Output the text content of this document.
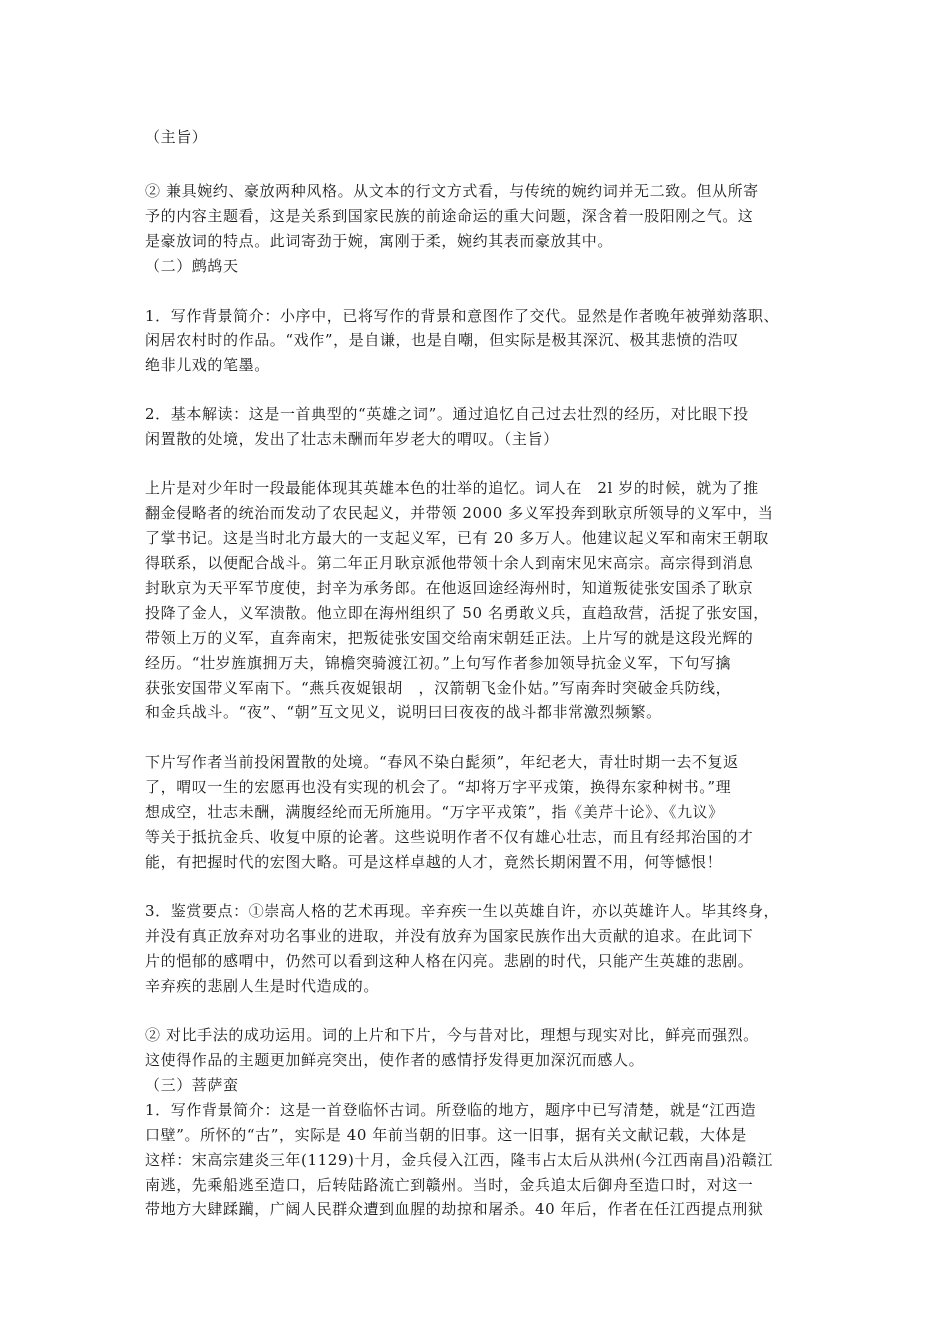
（主旨）
② 兼具婉约、豪放两种风格。从文本的行文方式看，与传统的婉约词并无二致。但从所寄
予的内容主题看，这是关系到国家民族的前途命运的重大问题，深含着一股阳刚之气。这
是豪放词的特点。此词寄劲于婉，寓刚于柔，婉约其表而豪放其中。
（二）鹧鸪天
1．写作背景简介：小序中，已将写作的背景和意图作了交代。显然是作者晚年被弹劾落职、
闲居农村时的作品。“戏作”，是自谦，也是自嘲，但实际是极其深沉、极其悲愤的浩叹
绝非儿戏的笔墨。
2．基本解读：这是一首典型的“英雄之词”。通过追忆自己过去壮烈的经历，对比眼下投
闲置散的处境，发出了壮志未酬而年岁老大的喟叹。（主旨）
上片是对少年时一段最能体现其英雄本色的壮举的追忆。词人在　2l 岁的时候，就为了推
翻金侵略者的统治而发动了农民起义，并带领 2000 多义军投奔到耿京所领导的义军中，当
了掌书记。这是当时北方最大的一支起义军，已有 20 多万人。他建议起义军和南宋王朝取
得联系，以便配合战斗。第二年正月耿京派他带领十余人到南宋见宋高宗。高宗得到消息
封耿京为天平军节度使，封辛为承务郎。在他返回途经海州时，知道叛徒张安国杀了耿京
投降了金人，义军溃散。他立即在海州组织了 50 名勇敢义兵，直趋敌营，活捉了张安国，
带领上万的义军，直奔南宋，把叛徒张安国交给南宋朝廷正法。上片写的就是这段光辉的
经历。“壮岁旌旗拥万夫，锦檐突骑渡江初。”上句写作者参加领导抗金义军，下句写擒
获张安国带义军南下。“燕兵夜娖银胡　，汉箭朝飞金仆姑。”写南奔时突破金兵防线，
和金兵战斗。“夜”、“朝”互文见义，说明曰曰夜夜的战斗都非常激烈频繁。
下片写作者当前投闲置散的处境。“春风不染白髭须”，年纪老大，青壮时期一去不复返
了，喟叹一生的宏愿再也没有实现的机会了。“却将万字平戎策，换得东家种树书。”理
想成空，壮志未酬，满腹经纶而无所施用。“万字平戎策”，指《美芹十论》、《九议》
等关于抵抗金兵、收复中原的论著。这些说明作者不仅有雄心壮志，而且有经邦治国的才
能，有把握时代的宏图大略。可是这样卓越的人才，竟然长期闲置不用，何等憾恨！
3．鉴赏要点：①崇高人格的艺术再现。辛弃疾一生以英雄自许，亦以英雄许人。毕其终身，
并没有真正放弃对功名事业的进取，并没有放弃为国家民族作出大贡献的追求。在此词下
片的悒郁的感喟中，仍然可以看到这种人格在闪亮。悲剧的时代，只能产生英雄的悲剧。
辛弃疾的悲剧人生是时代造成的。
② 对比手法的成功运用。词的上片和下片，今与昔对比，理想与现实对比，鲜亮而强烈。
这使得作品的主题更加鲜亮突出，使作者的感情抒发得更加深沉而感人。
（三）菩萨蛮
1．写作背景简介：这是一首登临怀古词。所登临的地方，题序中已写清楚，就是“江西造
口壁”。所怀的“古”，实际是 40 年前当朝的旧事。这一旧事，据有关文献记载，大体是
这样：宋高宗建炎三年(1129)十月，金兵侵入江西，隆韦占太后从洪州(今江西南昌)沿赣江
南逃，先乘船逃至造口，后转陆路流亡到赣州。当时，金兵追太后御舟至造口时，对这一
带地方大肆蹂躏，广阔人民群众遭到血腥的劫掠和屠杀。40 年后，作者在任江西提点刑狱
